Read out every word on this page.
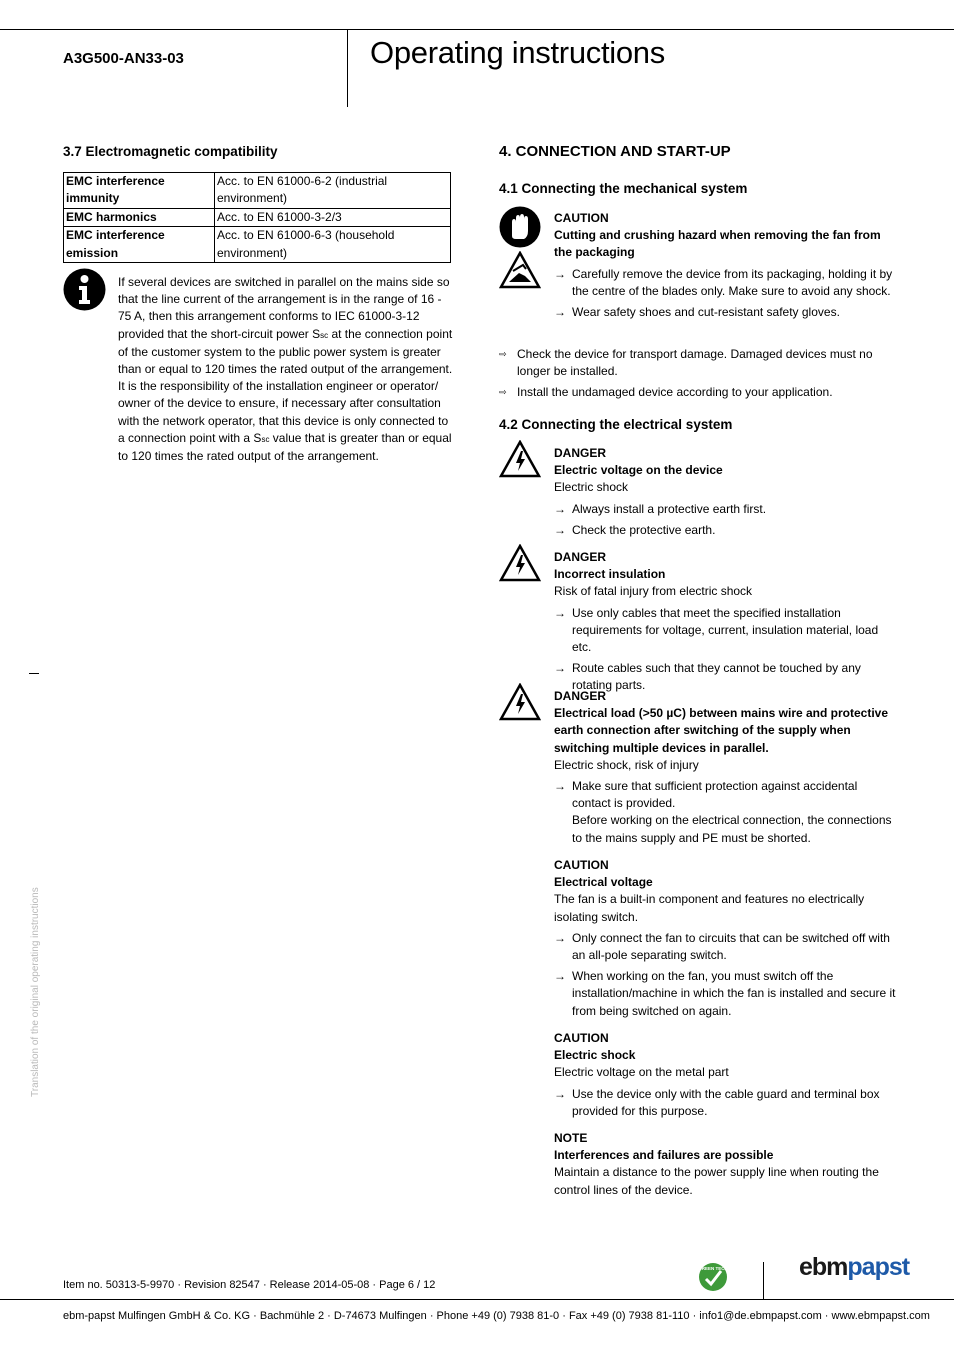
A3G500-AN33-03	Operating instructions
3.7 Electromagnetic compatibility
EMC interference immunity	Acc. to EN 61000-6-2 (industrial environment)
EMC harmonics	Acc. to EN 61000-3-2/3
EMC interference emission	Acc. to EN 61000-6-3 (household environment)
If several devices are switched in parallel on the mains side so that the line current of the arrangement is in the range of 16 - 75 A, then this arrangement conforms to IEC 61000-3-12 provided that the short-circuit power Ssc at the connection point of the customer system to the public power system is greater than or equal to 120 times the rated output of the arrangement.
It is the responsibility of the installation engineer or operator/ owner of the device to ensure, if necessary after consultation with the network operator, that this device is only connected to a connection point with a Ssc value that is greater than or equal to 120 times the rated output of the arrangement.
Translation of the original operating instructions
4. CONNECTION AND START-UP
4.1 Connecting the mechanical system
CAUTION
Cutting and crushing hazard when removing the fan from the packaging
→ Carefully remove the device from its packaging, holding it by the centre of the blades only. Make sure to avoid any shock.
→ Wear safety shoes and cut-resistant safety gloves.
⇨ Check the device for transport damage. Damaged devices must no longer be installed.
⇨ Install the undamaged device according to your application.
4.2 Connecting the electrical system
DANGER
Electric voltage on the device
Electric shock
→ Always install a protective earth first.
→ Check the protective earth.
DANGER
Incorrect insulation
Risk of fatal injury from electric shock
→ Use only cables that meet the specified installation requirements for voltage, current, insulation material, load etc.
→ Route cables such that they cannot be touched by any rotating parts.
DANGER
Electrical load (>50 µC) between mains wire and protective earth connection after switching of the supply when switching multiple devices in parallel.
Electric shock, risk of injury
→ Make sure that sufficient protection against accidental contact is provided.
Before working on the electrical connection, the connections to the mains supply and PE must be shorted.
CAUTION
Electrical voltage
The fan is a built-in component and features no electrically isolating switch.
→ Only connect the fan to circuits that can be switched off with an all-pole separating switch.
→ When working on the fan, you must switch off the installation/machine in which the fan is installed and secure it from being switched on again.
CAUTION
Electric shock
Electric voltage on the metal part
→ Use the device only with the cable guard and terminal box provided for this purpose.
NOTE
Interferences and failures are possible
Maintain a distance to the power supply line when routing the control lines of the device.
Item no. 50313-5-9970 · Revision 82547 · Release 2014-05-08 · Page 6 / 12
GREEN TECH	ebmpapst
ebm-papst Mulfingen GmbH & Co. KG · Bachmühle 2 · D-74673 Mulfingen · Phone +49 (0) 7938 81-0 · Fax +49 (0) 7938 81-110 · info1@de.ebmpapst.com · www.ebmpapst.com
